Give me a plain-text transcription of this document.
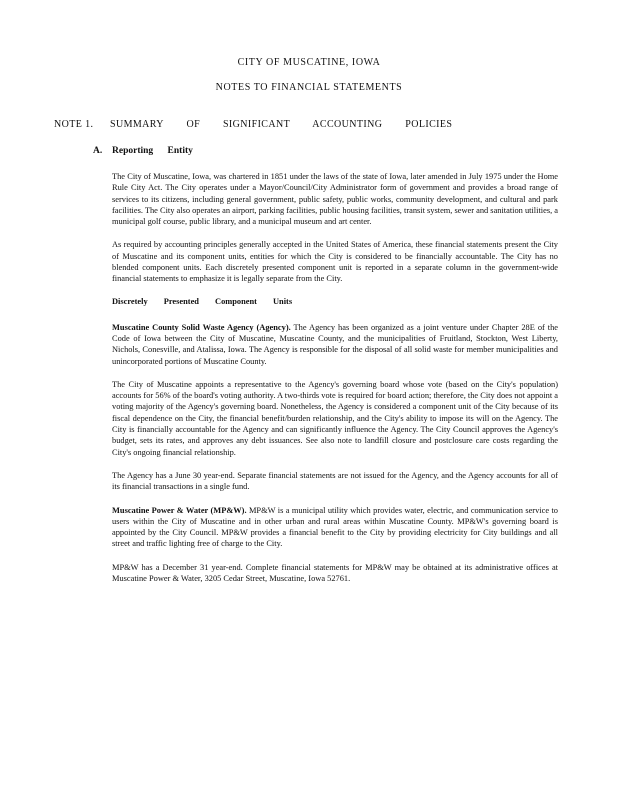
CITY OF MUSCATINE, IOWA
NOTES TO FINANCIAL STATEMENTS
NOTE 1. SUMMARY OF SIGNIFICANT ACCOUNTING POLICIES
A. Reporting Entity

The City of Muscatine, Iowa, was chartered in 1851 under the laws of the state of Iowa, later amended in July 1975 under the Home Rule City Act. The City operates under a Mayor/Council/City Administrator form of government and provides a broad range of services to its citizens, including general government, public safety, public works, community development, and cultural and park facilities. The City also operates an airport, parking facilities, public housing facilities, transit system, sewer and sanitation utilities, a municipal golf course, public library, and a municipal museum and art center.

As required by accounting principles generally accepted in the United States of America, these financial statements present the City of Muscatine and its component units, entities for which the City is considered to be financially accountable. The City has no blended component units. Each discretely presented component unit is reported in a separate column in the government-wide financial statements to emphasize it is legally separate from the City.

Discretely Presented Component Units

Muscatine County Solid Waste Agency (Agency). The Agency has been organized as a joint venture under Chapter 28E of the Code of Iowa between the City of Muscatine, Muscatine County, and the municipalities of Fruitland, Stockton, West Liberty, Nichols, Conesville, and Atalissa, Iowa. The Agency is responsible for the disposal of all solid waste for member municipalities and unincorporated portions of Muscatine County.

The City of Muscatine appoints a representative to the Agency's governing board whose vote (based on the City's population) accounts for 56% of the board's voting authority. A two-thirds vote is required for board action; therefore, the City does not appoint a voting majority of the Agency's governing board. Nonetheless, the Agency is considered a component unit of the City because of its fiscal dependence on the City, the financial benefit/burden relationship, and the City's ability to impose its will on the Agency. The City is financially accountable for the Agency and can significantly influence the Agency. The City Council approves the Agency's budget, sets its rates, and approves any debt issuances. See also note to landfill closure and postclosure care costs regarding the City's ongoing financial relationship.

The Agency has a June 30 year-end. Separate financial statements are not issued for the Agency, and the Agency accounts for all of its financial transactions in a single fund.

Muscatine Power & Water (MP&W). MP&W is a municipal utility which provides water, electric, and communication service to users within the City of Muscatine and in other urban and rural areas within Muscatine County. MP&W's governing board is appointed by the City Council. MP&W provides a financial benefit to the City by providing electricity for City buildings and all street and traffic lighting free of charge to the City.

MP&W has a December 31 year-end. Complete financial statements for MP&W may be obtained at its administrative offices at Muscatine Power & Water, 3205 Cedar Street, Muscatine, Iowa 52761.
